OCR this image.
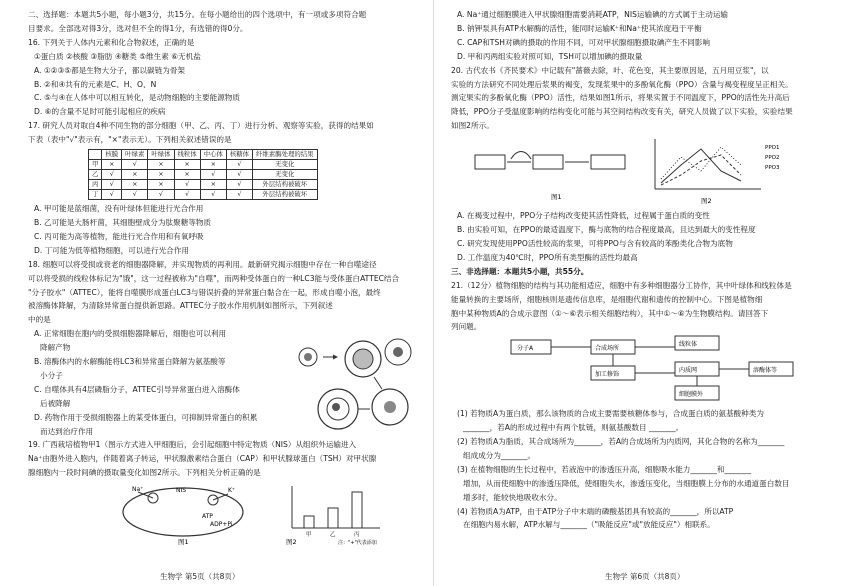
二、选择题：本题共5小题，每小题3分，共15分。在每小题给出的四个选项中，有一项或多项符合题

目要求。全部选对得3分，选对但不全的得1分，有选错的得0分。

16. 下列关于人体内元素和化合物叙述，正确的是

①蛋白质 ②核酸 ③脂肪 ④糖类 ⑤维生素 ⑥无机盐

A. ①②③⑤都是生物大分子，都以碳链为骨架

B. ②和④共有的元素是C、H、O、N

C. ⑤与④在人体中可以相互转化，是动物细胞的主要能源物质

D. ⑥的含量不足时可能引起相应的疾病

17. 研究人员对取自4种不同生物的部分细胞（甲、乙、丙、丁）进行分析、观察等实验，获得的结果如

下表（表中"√"表示有，"×"表示无）。下列相关叙述错误的是

	核膜	叶绿素	叶绿体	线粒体	中心体	核糖体	纤维素酶处理的结果
甲	×	√	×	×	×	√	无变化
乙	√	×	×	×	√	√	无变化
丙	√	×	×	√	×	√	外层结构被破坏
丁	√	√	√	√	√	√	外层结构被破坏

A. 甲可能是蓝细菌，没有叶绿体但能进行光合作用

B. 乙可能是大肠杆菌，其细胞壁成分为肽聚糖等物质

C. 丙可能为高等植物，能进行光合作用和有氧呼吸

D. 丁可能为低等植物细胞，可以进行光合作用

18. 细胞可以将受损或衰老的细胞器降解，并实现物质的再利用。最新研究揭示细胞中存在一种自噬途径

可以将受损的线粒体标记为"饿"，这一过程被称为"自噬"，而两种受体蛋白的一种LC3能与受体蛋白ATTEC结合

"分子胶水"（ATTEC），能将自噬膜形成蛋白LC3与错误折叠的异常蛋白黏合在一起，形成自噬小泡，最终

被溶酶体降解，为清除异常蛋白提供新思路。ATTEC分子胶水作用机制如图所示，下列叙述

中的是

A. 正常细胞在胞内的受损细胞器降解后，细胞也可以利用

降解产物

B. 溶酶体内的水解酶能将LC3和异常蛋白降解为氨基酸等

小分子

C. 自噬体具有4层磷脂分子，ATTEC引导异常蛋白进入溶酶体

后被降解

D. 药物作用于受损细胞器上的某受体蛋白，可抑制异常蛋白的积累

而达到治疗作用

19. 广西栽培植物甲1（图示方式进入甲细胞后，会引起细胞中特定物质（NIS）从组织外运输进入

Na⁺由胞外进入胞内，伴随着离子转运，甲状腺激素结合蛋白（CAP）和甲状腺球蛋白（TSH）对甲状腺

腺细胞内一段时间碘的摄取量变化如图2所示。下列相关分析正确的是

Na⁺	K⁺
NIS
ATP
ADP+Pi
图1
甲	乙	丙
注："+"代表添加
图2
生物学 第5页（共8页）

A. Na⁺通过细胞膜进入甲状腺细胞需要消耗ATP，NIS运输碘的方式属于主动运输

B. 钠钾泵具有ATP水解酶的活性，能同时运输K⁺和Na⁺使其浓度趋于平衡

C. CAP和TSH对碘的摄取的作用不同，可对甲状腺细胞摄取碘产生不同影响

D. 甲和丙两组实验对照可知，TSH可以增加碘的摄取量

20. 古代农书《齐民要术》中记载有"蔷薇去除，叶、花色变，其主要原因是，五月用豆浆"，以

实验的方法研究不同处理后浆果的褐变，发现浆果中的多酚氧化酶（PPO）含量与褐变程度呈正相关。

测定果实的多酚氧化酶（PPO）活性，结果如图1所示，将果实置于不同温度下，PPO的活性先升高后

降低，PPO分子受温度影响的结构变化可能与其空间结构改变有关，研究人员做了以下实验，实验结果

如图2所示。

图1
PPO1
PPO2
PPO3
图2

A. 在褐变过程中，PPO分子结构改变使其活性降低，过程属于蛋白质的变性

B. 由实验可知，在PPO的最适温度下，酶与底物的结合程度最高，且达到最大的变性程度

C. 研究发现使用PPO活性较高的浆果，可将PPO与含有较高的苯酚类化合物为底物

D. 工作温度为40℃时，PPO所有类型酶的活性均最高

三、非选择题：本题共5小题，共55分。

21.（12分）植物细胞的结构与其功能相适应，细胞中有多种细胞器分工协作，其中叶绿体和线粒体是

能量转换的主要场所，细胞核则是遗传信息库，是细胞代谢和遗传的控制中心。下图是植物细

胞中某种物质A的合成示意图（①～⑥表示相关细胞结构），其中①～⑥为生物膜结构。请回答下

列问题。

分子A	合成场所
加工修饰
线粒体
内质网	溶酶体等
细胞膜外

(1) 若物质A为蛋白质，那么该物质的合成主要需要核糖体参与，合成蛋白质的氨基酸种类为

_______，若A的形成过程中有两个肽链，则氨基酸数目 _______。

(2) 若物质A为脂质，其合成场所为_______，若A的合成场所为内质网，其化合物的名称为_______

组成成分为_______。

(3) 在植物细胞的生长过程中，若液泡中的渗透压升高，细胞吸水能力_______和_______

增加，从而使细胞中的渗透压降低，使细胞失水，渗透压变化，当细胞膜上分布的水通道蛋白数目

增多时，能较快地吸收水分。

(4) 若物质A为ATP，由于ATP分子中末端的磷酸基团具有较高的_______，所以ATP

在细胞内易水解，ATP水解与_______（"吸能反应"或"放能反应"）相联系。

生物学 第6页（共8页）
